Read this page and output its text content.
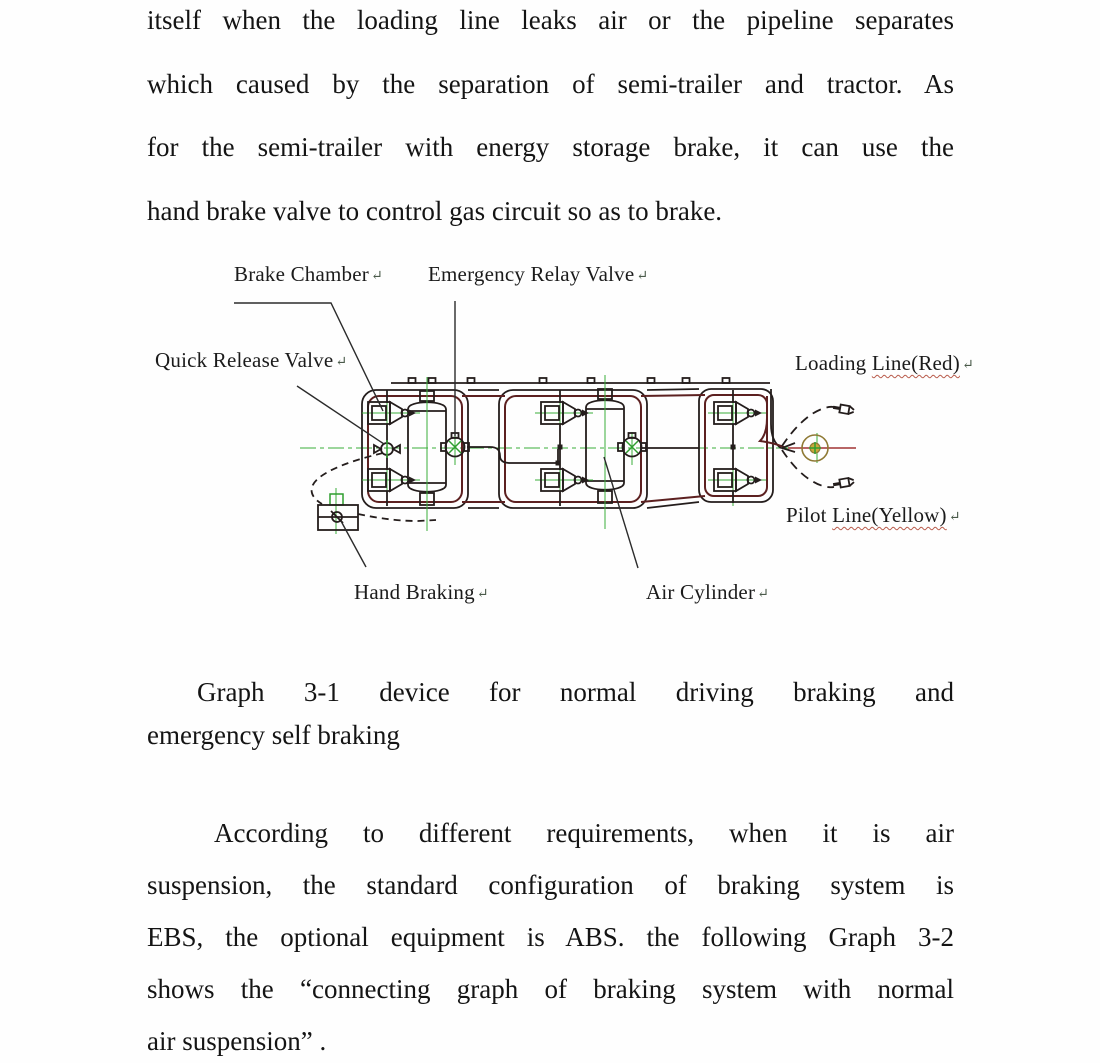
itself when the loading line leaks air or the pipeline separates
which caused by the separation of semi-trailer and tractor. As
for the semi-trailer with energy storage brake, it can use the
hand brake valve to control gas circuit so as to brake.
Brake Chamber ↵ Emergency Relay Valve ↵
Quick Release Valve ↵	Loading Line(Red) ↵
Pilot Line(Yellow) ↵
Hand Braking ↵	Air Cylinder ↵
Graph 3-1 device for normal driving braking and
emergency self braking
According to different requirements, when it is air
suspension, the standard configuration of braking system is
EBS, the optional equipment is ABS. the following Graph 3-2
shows the “connecting graph of braking system with normal
air suspension” .
